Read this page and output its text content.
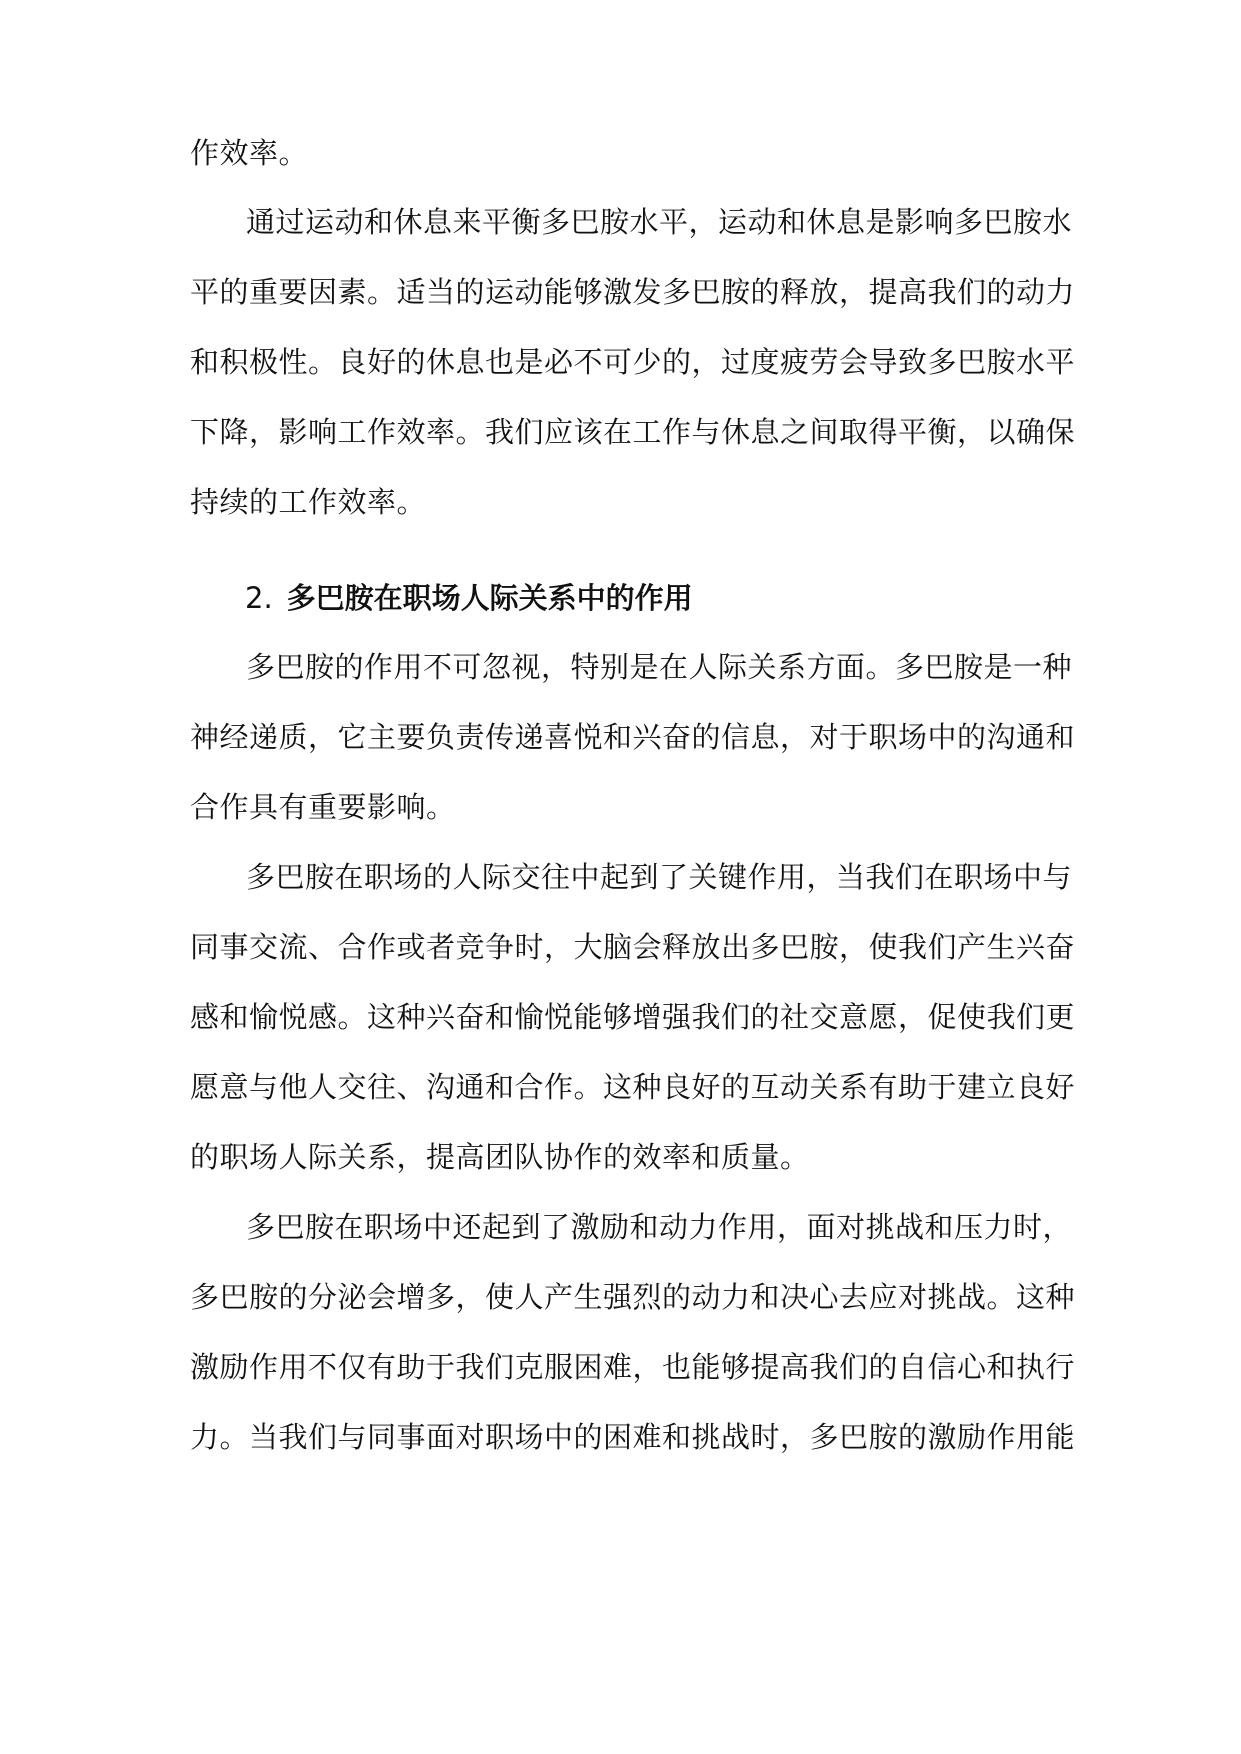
作效率。
通过运动和休息来平衡多巴胺水平，运动和休息是影响多巴胺水
平的重要因素。适当的运动能够激发多巴胺的释放，提高我们的动力
和积极性。良好的休息也是必不可少的，过度疲劳会导致多巴胺水平
下降，影响工作效率。我们应该在工作与休息之间取得平衡，以确保
持续的工作效率。
2. 多巴胺在职场人际关系中的作用
多巴胺的作用不可忽视，特别是在人际关系方面。多巴胺是一种
神经递质，它主要负责传递喜悦和兴奋的信息，对于职场中的沟通和
合作具有重要影响。
多巴胺在职场的人际交往中起到了关键作用，当我们在职场中与
同事交流、合作或者竞争时，大脑会释放出多巴胺，使我们产生兴奋
感和愉悦感。这种兴奋和愉悦能够增强我们的社交意愿，促使我们更
愿意与他人交往、沟通和合作。这种良好的互动关系有助于建立良好
的职场人际关系，提高团队协作的效率和质量。
多巴胺在职场中还起到了激励和动力作用，面对挑战和压力时，
多巴胺的分泌会增多，使人产生强烈的动力和决心去应对挑战。这种
激励作用不仅有助于我们克服困难，也能够提高我们的自信心和执行
力。当我们与同事面对职场中的困难和挑战时，多巴胺的激励作用能
